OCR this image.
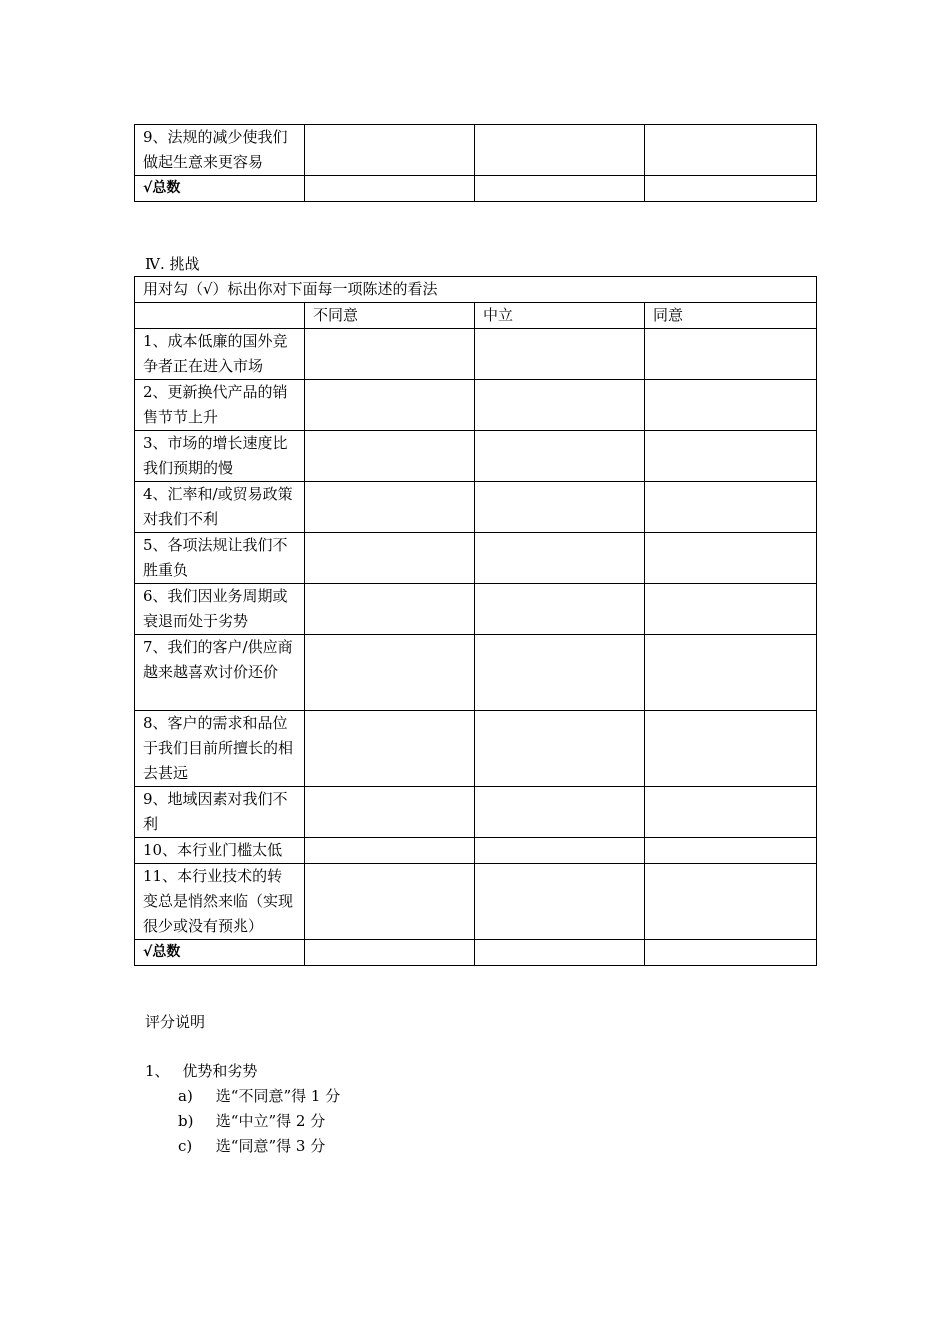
9、法规的减少使我们做起生意来更容易			
√总数			
Ⅳ. 挑战
用对勾（√）标出你对下面每一项陈述的看法			
	不同意	中立	同意
1、成本低廉的国外竞争者正在进入市场			
2、更新换代产品的销售节节上升			
3、市场的增长速度比我们预期的慢			
4、汇率和/或贸易政策对我们不利			
5、各项法规让我们不胜重负			
6、我们因业务周期或衰退而处于劣势			
7、我们的客户/供应商越来越喜欢讨价还价			
8、客户的需求和品位于我们目前所擅长的相去甚远			
9、地域因素对我们不利			
10、本行业门槛太低			
11、本行业技术的转变总是悄然来临（实现很少或没有预兆）			
√总数			
评分说明
1、 优势和劣势
a) 选“不同意”得 1 分
b) 选“中立”得 2 分
c) 选“同意”得 3 分
